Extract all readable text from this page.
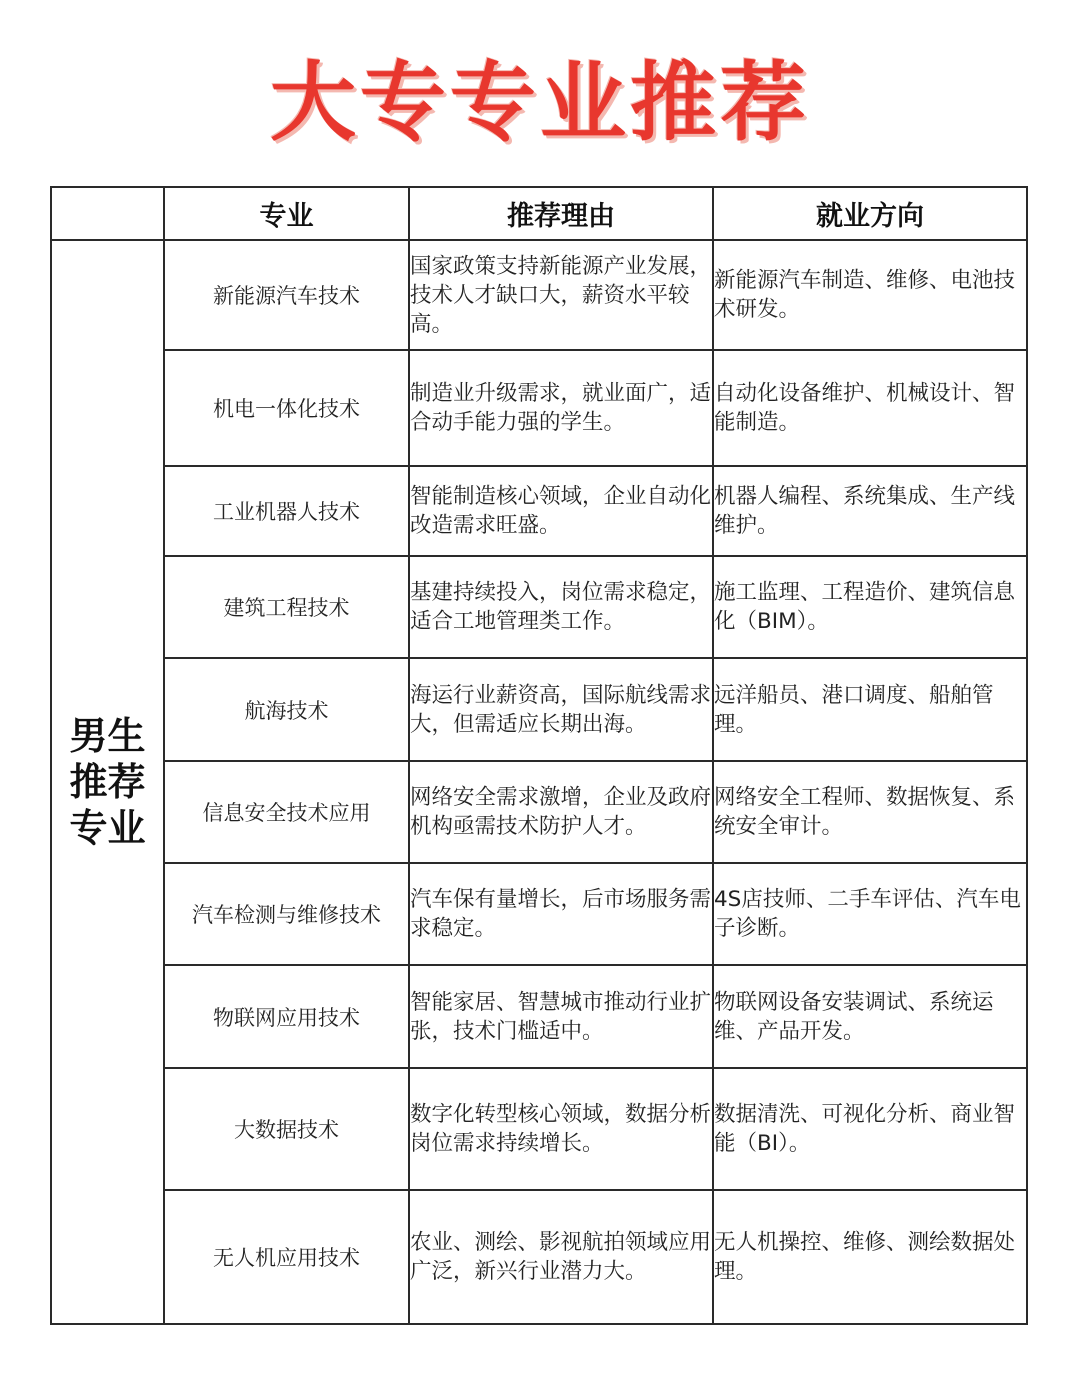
大专专业推荐
	专业	推荐理由	就业方向

男生
推荐
专业	新能源汽车技术	国家政策支持新能源产业发展，技术人才缺口大，薪资水平较高。	新能源汽车制造、维修、电池技术研发。
	机电一体化技术	制造业升级需求，就业面广，适合动手能力强的学生。	自动化设备维护、机械设计、智能制造。
	工业机器人技术	智能制造核心领域，企业自动化改造需求旺盛。	机器人编程、系统集成、生产线维护。
	建筑工程技术	基建持续投入，岗位需求稳定，适合工地管理类工作。	施工监理、工程造价、建筑信息化（BIM）。
	航海技术	海运行业薪资高，国际航线需求大，但需适应长期出海。	远洋船员、港口调度、船舶管理。
	信息安全技术应用	网络安全需求激增，企业及政府机构亟需技术防护人才。	网络安全工程师、数据恢复、系统安全审计。
	汽车检测与维修技术	汽车保有量增长，后市场服务需求稳定。	4S店技师、二手车评估、汽车电子诊断。
	物联网应用技术	智能家居、智慧城市推动行业扩张，技术门槛适中。	物联网设备安装调试、系统运维、产品开发。
	大数据技术	数字化转型核心领域，数据分析岗位需求持续增长。	数据清洗、可视化分析、商业智能（BI）。
	无人机应用技术	农业、测绘、影视航拍领域应用广泛，新兴行业潜力大。	无人机操控、维修、测绘数据处理。
